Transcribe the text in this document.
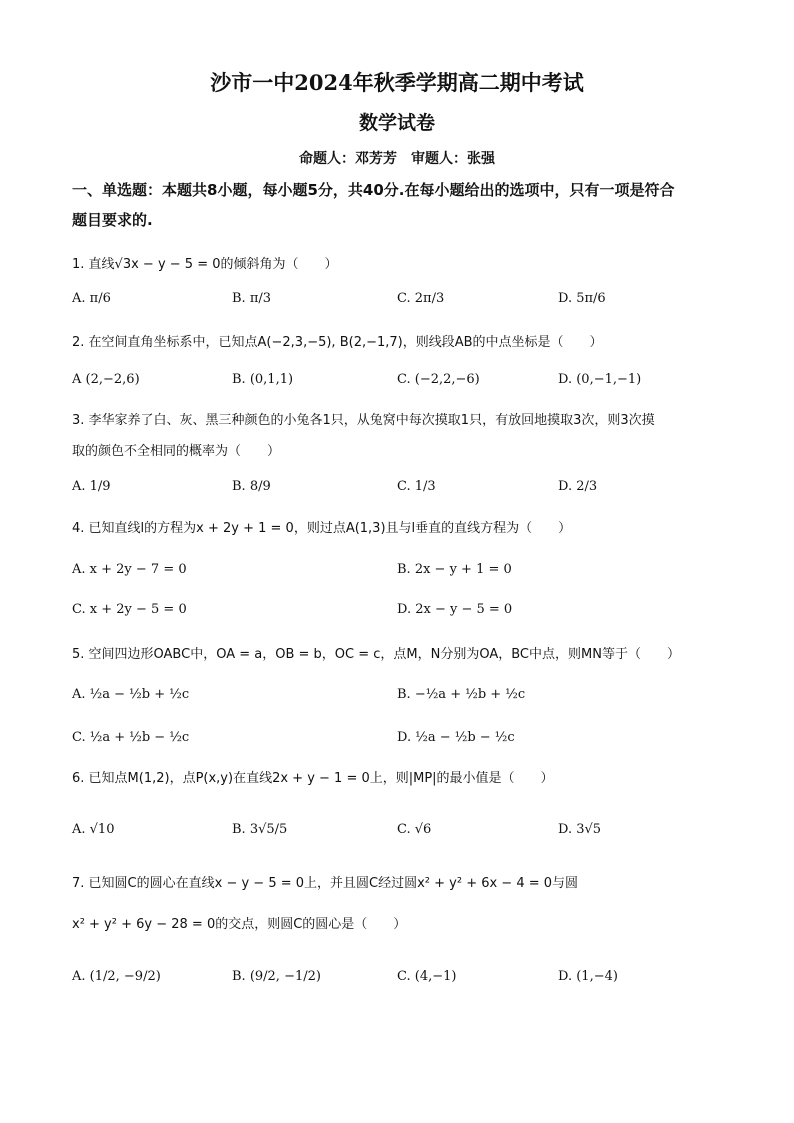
沙市一中2024年秋季学期高二期中考试
数学试卷
命题人：邓芳芳　审题人：张强
一、单选题：本题共8小题，每小题5分，共40分.在每小题给出的选项中，只有一项是符合
题目要求的.
1. 直线√3x − y − 5 = 0的倾斜角为（　　）
A. π/6	B. π/3	C. 2π/3	D. 5π/6
2. 在空间直角坐标系中，已知点A(−2,3,−5), B(2,−1,7)，则线段AB的中点坐标是（　　）
A (2,−2,6)	B. (0,1,1)	C. (−2,2,−6)	D. (0,−1,−1)
3. 李华家养了白、灰、黑三种颜色的小兔各1只，从兔窝中每次摸取1只，有放回地摸取3次，则3次摸
取的颜色不全相同的概率为（　　）
A. 1/9	B. 8/9	C. 1/3	D. 2/3
4. 已知直线l的方程为x + 2y + 1 = 0，则过点A(1,3)且与l垂直的直线方程为（　　）
A. x + 2y − 7 = 0	B. 2x − y + 1 = 0
C. x + 2y − 5 = 0	D. 2x − y − 5 = 0
5. 空间四边形OABC中，OA = a，OB = b，OC = c，点M，N分别为OA，BC中点，则MN等于（　　）
A. ½a − ½b + ½c	B. −½a + ½b + ½c
C. ½a + ½b − ½c	D. ½a − ½b − ½c
6. 已知点M(1,2)，点P(x,y)在直线2x + y − 1 = 0上，则|MP|的最小值是（　　）
A. √10	B. 3√5/5	C. √6	D. 3√5
7. 已知圆C的圆心在直线x − y − 5 = 0上，并且圆C经过圆x² + y² + 6x − 4 = 0与圆
x² + y² + 6y − 28 = 0的交点，则圆C的圆心是（　　）
A. (1/2, −9/2)	B. (9/2, −1/2)	C. (4,−1)	D. (1,−4)
